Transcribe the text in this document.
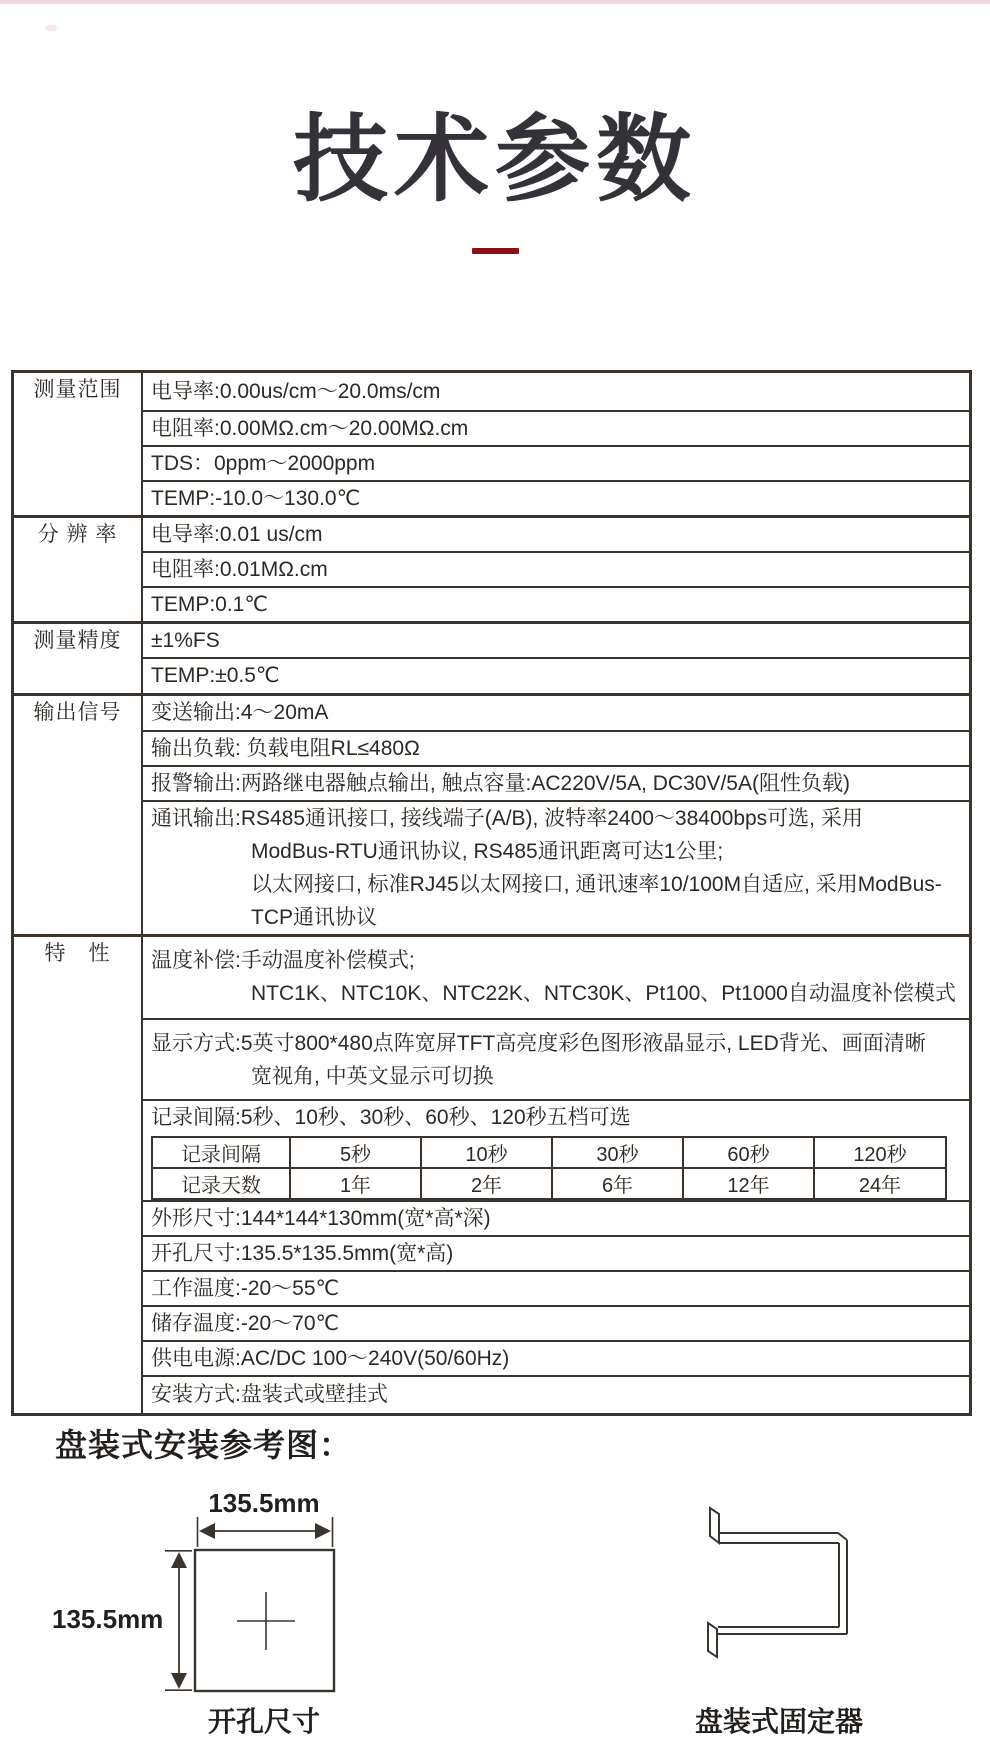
技术参数
测量范围	电导率:0.00us/cm～20.0ms/cm

电阻率:0.00MΩ.cm～20.00MΩ.cm

TDS：0ppm～2000ppm

TEMP:-10.0～130.0℃

分 辨 率	电导率:0.01 us/cm

电阻率:0.01MΩ.cm

TEMP:0.1℃

测量精度	±1%FS

TEMP:±0.5℃

输出信号	变送输出:4～20mA

输出负载: 负载电阻RL≤480Ω

报警输出:两路继电器触点输出, 触点容量:AC220V/5A, DC30V/5A(阻性负载)

通讯输出:RS485通讯接口, 接线端子(A/B), 波特率2400～38400bps可选, 采用
ModBus-RTU通讯协议, RS485通讯距离可达1公里;
以太网接口, 标准RJ45以太网接口, 通讯速率10/100M自适应, 采用ModBus-
TCP通讯协议

特　性	温度补偿:手动温度补偿模式;
NTC1K、NTC10K、NTC22K、NTC30K、Pt100、Pt1000自动温度补偿模式

显示方式:5英寸800*480点阵宽屏TFT高亮度彩色图形液晶显示, LED背光、画面清晰
宽视角, 中英文显示可切换

记录间隔:5秒、10秒、30秒、60秒、120秒五档可选
记录间隔	5秒	10秒	30秒	60秒	120秒
记录天数	1年	2年	6年	12年	24年

外形尺寸:144*144*130mm(宽*高*深)

开孔尺寸:135.5*135.5mm(宽*高)

工作温度:-20～55℃

储存温度:-20～70℃

供电电源:AC/DC 100～240V(50/60Hz)

安装方式:盘装式或壁挂式
盘装式安装参考图：
135.5mm
135.5mm
开孔尺寸	盘装式固定器
